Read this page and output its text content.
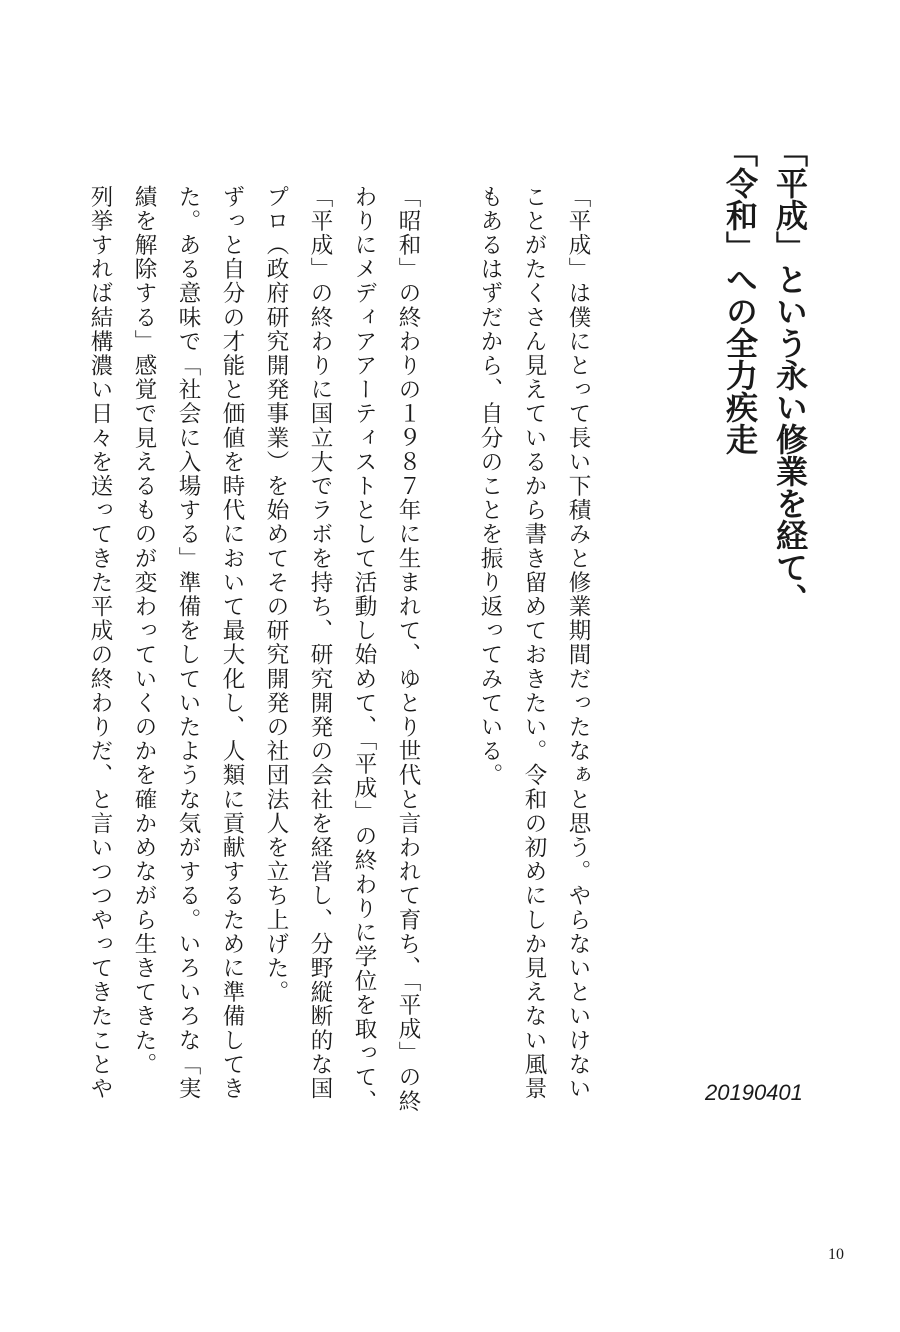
「平成」という永い修業を経て、
「令和」への全力疾走

「平成」は僕にとって長い下積みと修業期間だったなぁと思う。やらないといけないことがたくさん見えているから書き留めておきたい。令和の初めにしか見えない風景もあるはずだから、自分のことを振り返ってみている。

「昭和」の終わりの１９８７年に生まれて、ゆとり世代と言われて育ち、「平成」の終わりにメディアアーティストとして活動し始めて、「平成」の終わりに学位を取って、「平成」の終わりに国立大でラボを持ち、研究開発の会社を経営し、分野縦断的な国プロ（政府研究開発事業）を始めてその研究開発の社団法人を立ち上げた。

ずっと自分の才能と価値を時代において最大化し、人類に貢献するために準備してきた。ある意味で「社会に入場する」準備をしていたような気がする。いろいろな「実績を解除する」感覚で見えるものが変わっていくのかを確かめながら生きてきた。

列挙すれば結構濃い日々を送ってきた平成の終わりだ、と言いつつやってきたことや	20190401
10
